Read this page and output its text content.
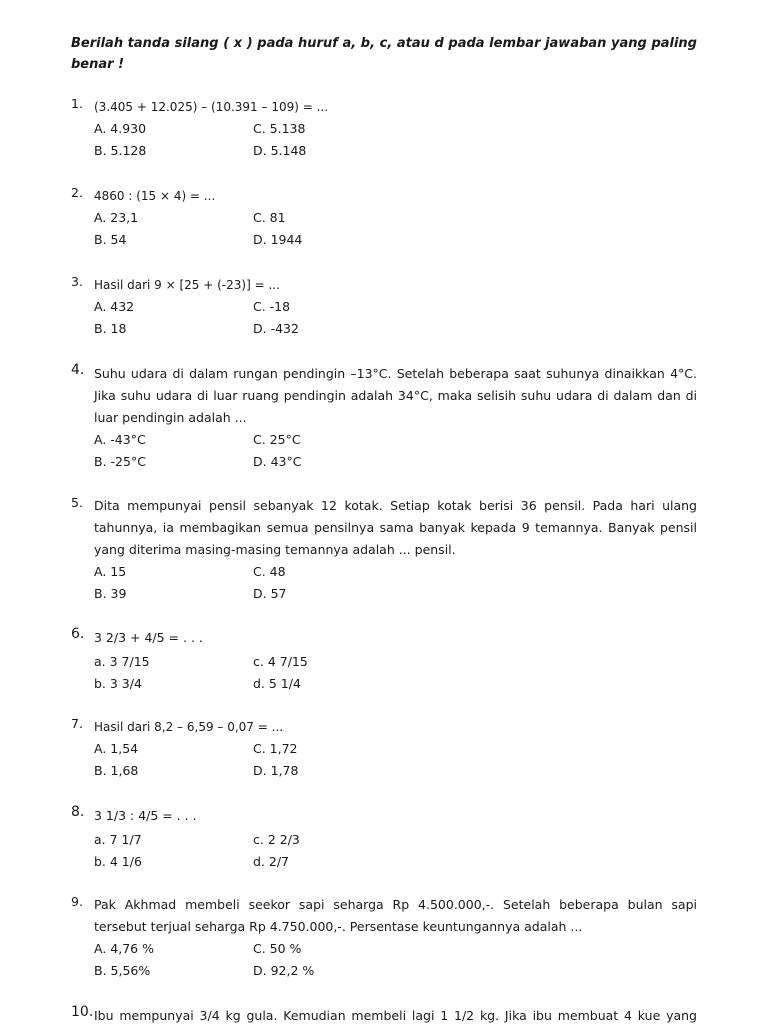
Berilah tanda silang ( x ) pada huruf a, b, c, atau d pada lembar jawaban yang paling benar !
1. (3.405 + 12.025) – (10.391 – 109) = ...
A. 4.930	C. 5.138
B. 5.128	D. 5.148
2. 4860 : (15 × 4) = ...
A. 23,1	C. 81
B. 54	D. 1944
3. Hasil dari 9 × [25 + (-23)] = ...
A. 432	C. -18
B. 18	D. -432
4. Suhu udara di dalam rungan pendingin –13°C. Setelah beberapa saat suhunya dinaikkan 4°C. Jika suhu udara di luar ruang pendingin adalah 34°C, maka selisih suhu udara di dalam dan di luar pendingin adalah ...
A. -43°C	C. 25°C
B. -25°C	D. 43°C
5. Dita mempunyai pensil sebanyak 12 kotak. Setiap kotak berisi 36 pensil. Pada hari ulang tahunnya, ia membagikan semua pensilnya sama banyak kepada 9 temannya. Banyak pensil yang diterima masing-masing temannya adalah ... pensil.
A. 15	C. 48
B. 39	D. 57
6. 3 2/3 + 4/5 = . . .
a. 3 7/15	c. 4 7/15
b. 3 3/4	d. 5 1/4
7. Hasil dari 8,2 – 6,59 – 0,07 = ...
A. 1,54	C. 1,72
B. 1,68	D. 1,78
8. 3 1/3 : 4/5 = . . .
a. 7 1/7	c. 2 2/3
b. 4 1/6	d. 2/7
9. Pak Akhmad membeli seekor sapi seharga Rp 4.500.000,-. Setelah beberapa bulan sapi tersebut terjual seharga Rp 4.750.000,-. Persentase keuntungannya adalah ...
A. 4,76 %	C. 50 %
B. 5,56%	D. 92,2 %
10. Ibu mempunyai 3/4 kg gula. Kemudian membeli lagi 1 1/2 kg. Jika ibu membuat 4 kue yang
